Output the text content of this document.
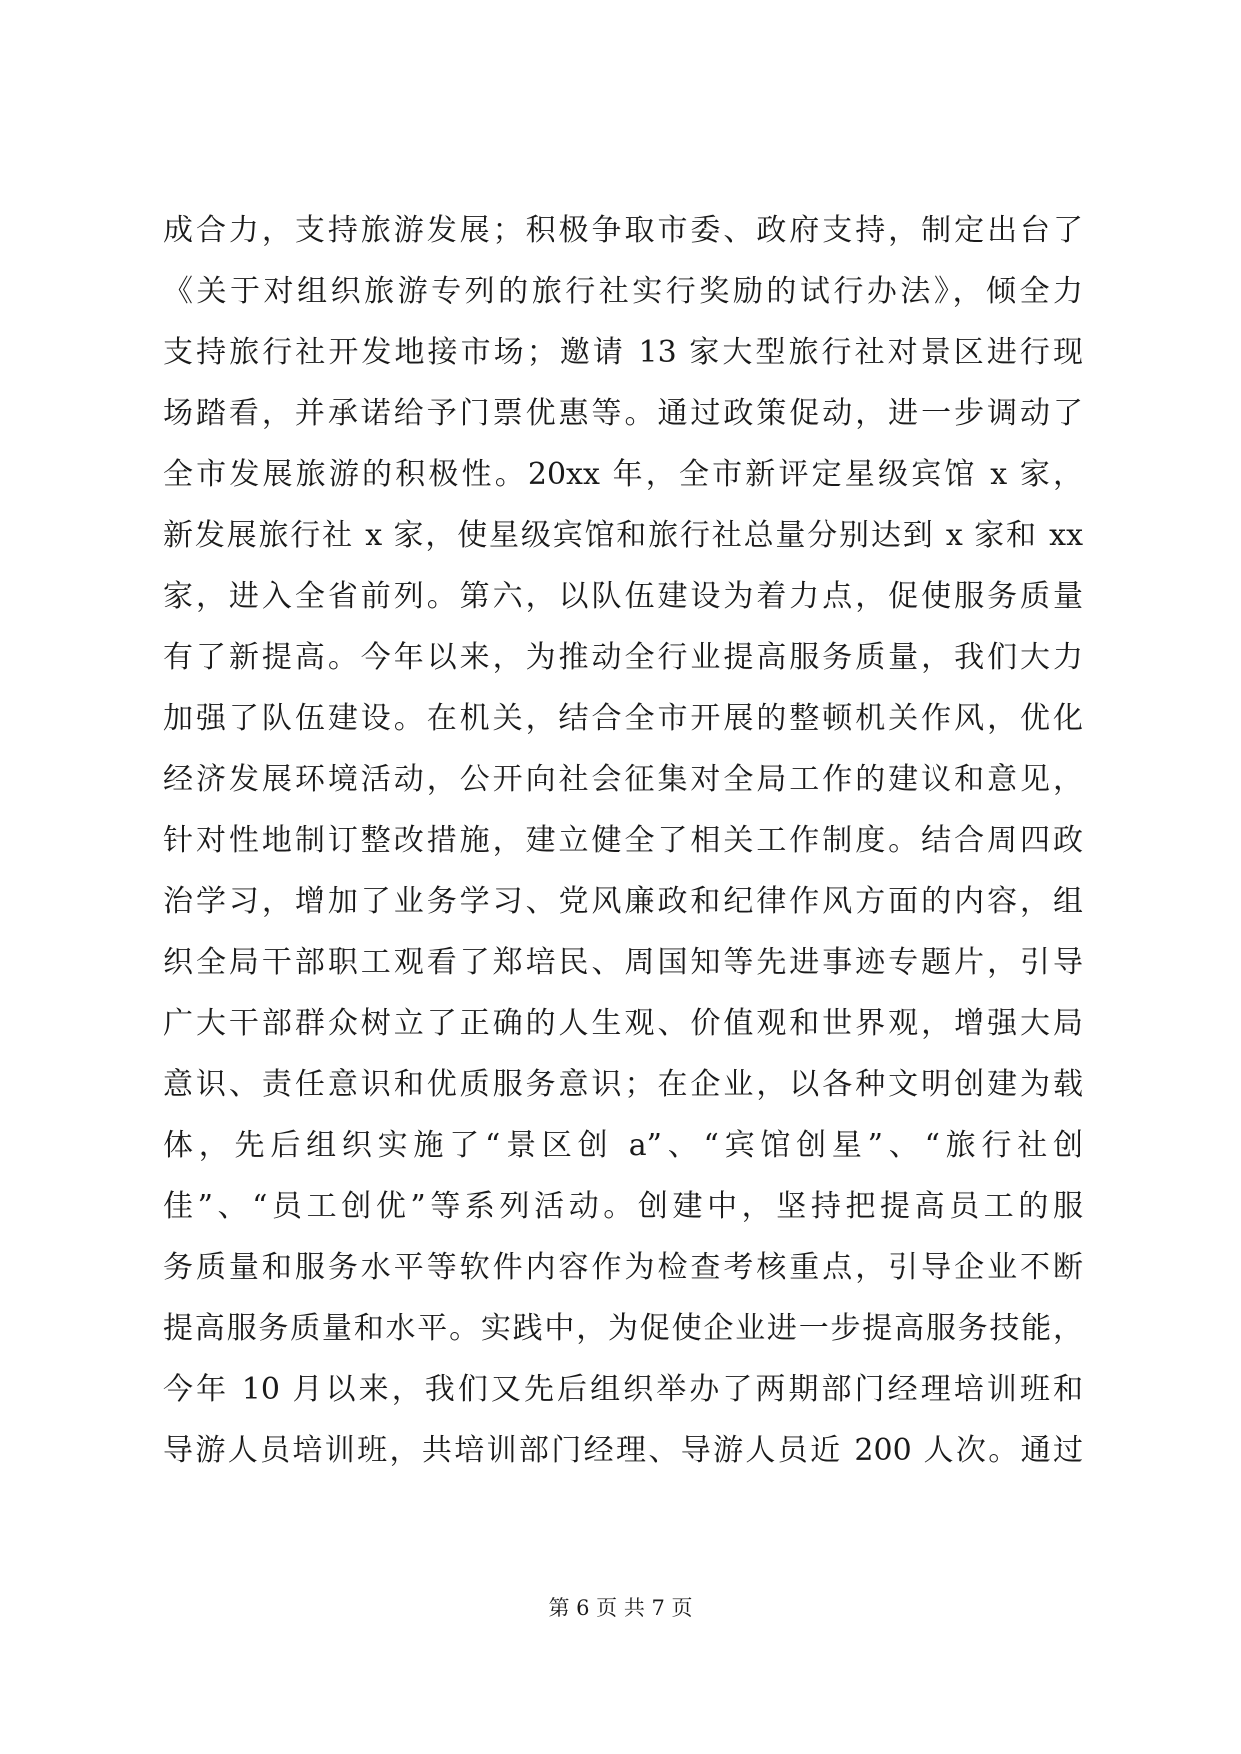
成合力，支持旅游发展；积极争取市委、政府支持，制定出台了
《关于对组织旅游专列的旅行社实行奖励的试行办法》，倾全力
支持旅行社开发地接市场；邀请 13 家大型旅行社对景区进行现
场踏看，并承诺给予门票优惠等。通过政策促动，进一步调动了
全市发展旅游的积极性。20xx 年，全市新评定星级宾馆 x 家，
新发展旅行社 x 家，使星级宾馆和旅行社总量分别达到 x 家和 xx
家，进入全省前列。第六，以队伍建设为着力点，促使服务质量
有了新提高。今年以来，为推动全行业提高服务质量，我们大力
加强了队伍建设。在机关，结合全市开展的整顿机关作风，优化
经济发展环境活动，公开向社会征集对全局工作的建议和意见，
针对性地制订整改措施，建立健全了相关工作制度。结合周四政
治学习，增加了业务学习、党风廉政和纪律作风方面的内容，组
织全局干部职工观看了郑培民、周国知等先进事迹专题片，引导
广大干部群众树立了正确的人生观、价值观和世界观，增强大局
意识、责任意识和优质服务意识；在企业，以各种文明创建为载
体，先后组织实施了“景区创 a”、“宾馆创星”、“旅行社创
佳”、“员工创优”等系列活动。创建中，坚持把提高员工的服
务质量和服务水平等软件内容作为检查考核重点，引导企业不断
提高服务质量和水平。实践中，为促使企业进一步提高服务技能，
今年 10 月以来，我们又先后组织举办了两期部门经理培训班和
导游人员培训班，共培训部门经理、导游人员近 200 人次。通过
第 6 页 共 7 页
